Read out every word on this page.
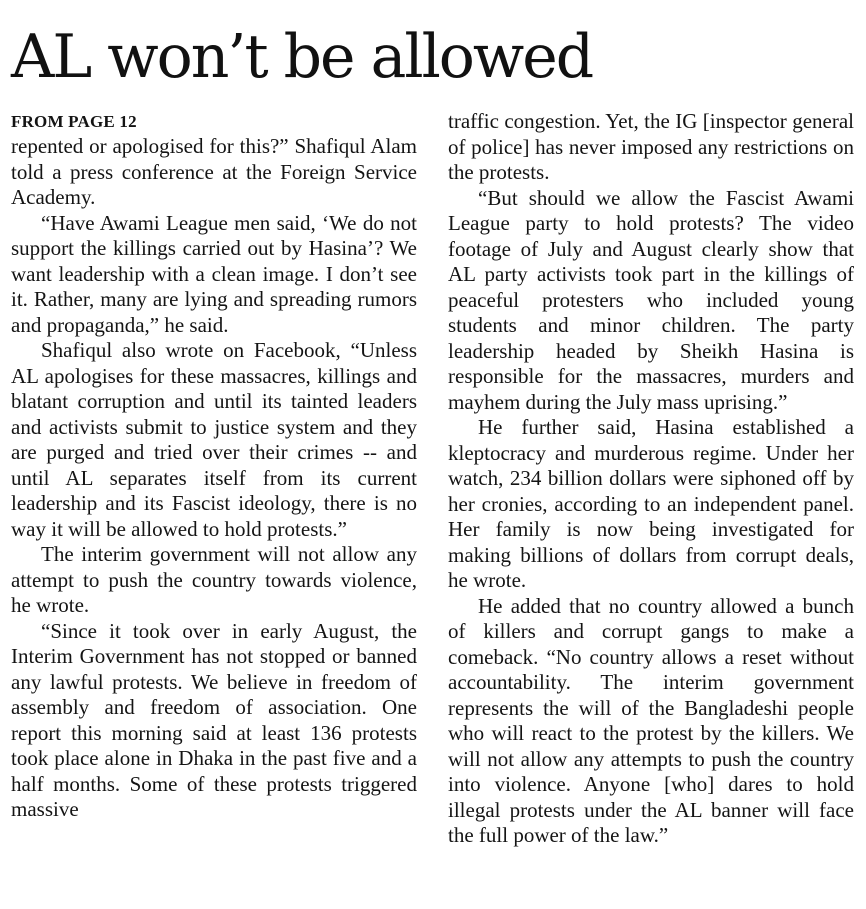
AL won’t be allowed
FROM PAGE 12

repented or apologised for this?” Shafiqul Alam told a press conference at the Foreign Service Academy.

“Have Awami League men said, ‘We do not support the killings carried out by Hasina’? We want leadership with a clean image. I don’t see it. Rather, many are lying and spreading rumors and propaganda,” he said.

Shafiqul also wrote on Facebook, “Unless AL apologises for these massacres, killings and blatant corruption and until its tainted leaders and activists submit to justice system and they are purged and tried over their crimes -- and until AL separates itself from its current leadership and its Fascist ideology, there is no way it will be allowed to hold protests.”

The interim government will not allow any attempt to push the country towards violence, he wrote.

“Since it took over in early August, the Interim Government has not stopped or banned any lawful protests. We believe in freedom of assembly and freedom of association. One report this morning said at least 136 protests took place alone in Dhaka in the past five and a half months. Some of these protests triggered massive

traffic congestion. Yet, the IG [inspector general of police] has never imposed any restrictions on the protests.

“But should we allow the Fascist Awami League party to hold protests? The video footage of July and August clearly show that AL party activists took part in the killings of peaceful protesters who included young students and minor children. The party leadership headed by Sheikh Hasina is responsible for the massacres, murders and mayhem during the July mass uprising.”

He further said, Hasina established a kleptocracy and murderous regime. Under her watch, 234 billion dollars were siphoned off by her cronies, according to an independent panel. Her family is now being investigated for making billions of dollars from corrupt deals, he wrote.

He added that no country allowed a bunch of killers and corrupt gangs to make a comeback. “No country allows a reset without accountability. The interim government represents the will of the Bangladeshi people who will react to the protest by the killers. We will not allow any attempts to push the country into violence. Anyone [who] dares to hold illegal protests under the AL banner will face the full power of the law.”
